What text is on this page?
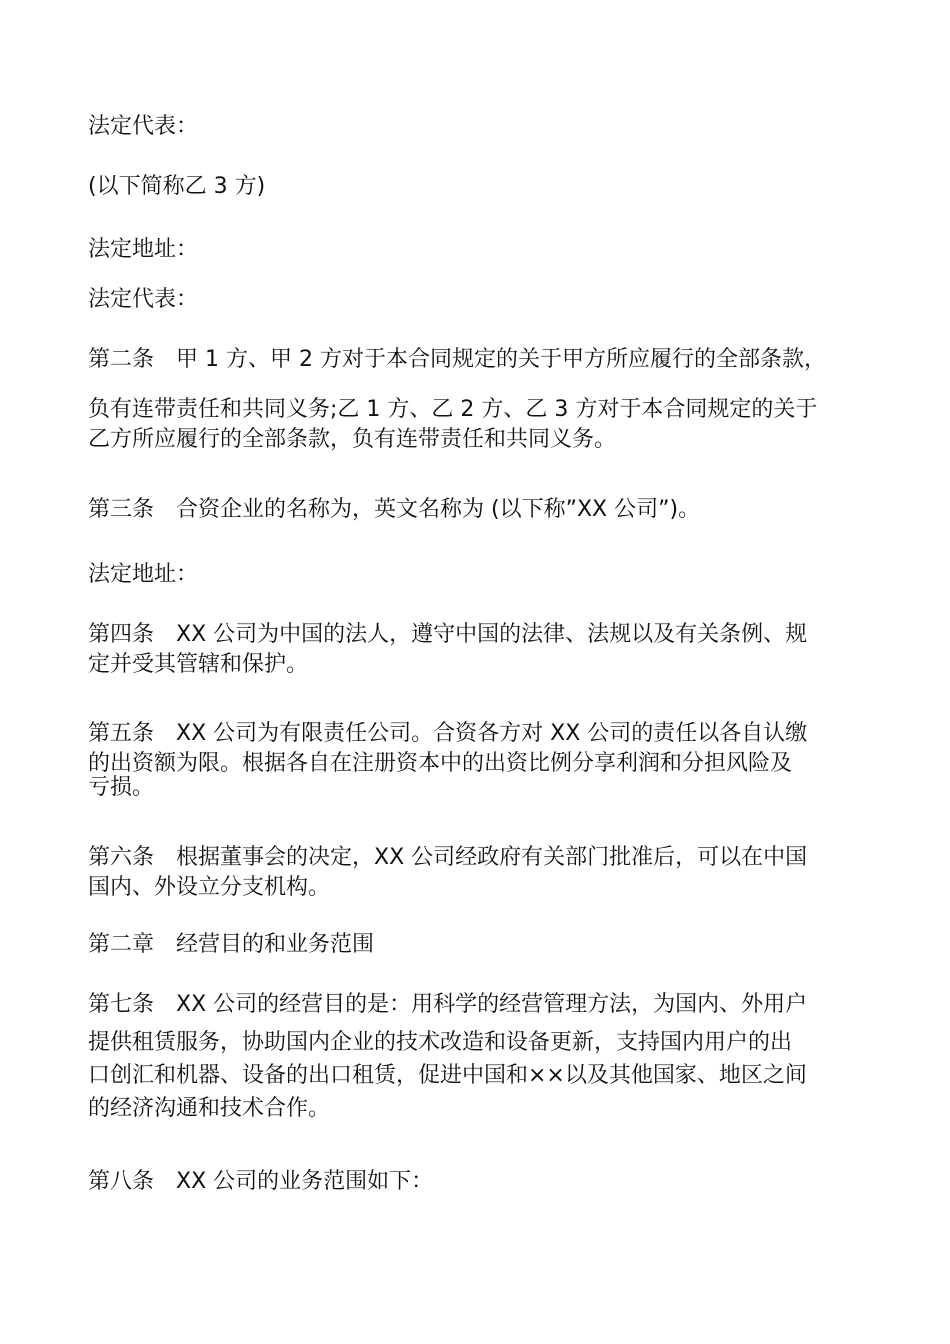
法定代表：

(以下简称乙 3 方)

法定地址：

法定代表：

第二条　甲 1 方、甲 2 方对于本合同规定的关于甲方所应履行的全部条款，

负有连带责任和共同义务;乙 1 方、乙 2 方、乙 3 方对于本合同规定的关于
乙方所应履行的全部条款，负有连带责任和共同义务。

第三条　合资企业的名称为，英文名称为 (以下称”XX 公司”)。

法定地址：

第四条　XX 公司为中国的法人，遵守中国的法律、法规以及有关条例、规
定并受其管辖和保护。
第五条　XX 公司为有限责任公司。合资各方对 XX 公司的责任以各自认缴
的出资额为限。根据各自在注册资本中的出资比例分享利润和分担风险及
亏损。
第六条　根据董事会的决定，XX 公司经政府有关部门批准后，可以在中国
国内、外设立分支机构。

第二章　经营目的和业务范围

第七条　XX 公司的经营目的是：用科学的经营管理方法，为国内、外用户
提供租赁服务，协助国内企业的技术改造和设备更新，支持国内用户的出
口创汇和机器、设备的出口租赁，促进中国和××以及其他国家、地区之间
的经济沟通和技术合作。

第八条　XX 公司的业务范围如下：
